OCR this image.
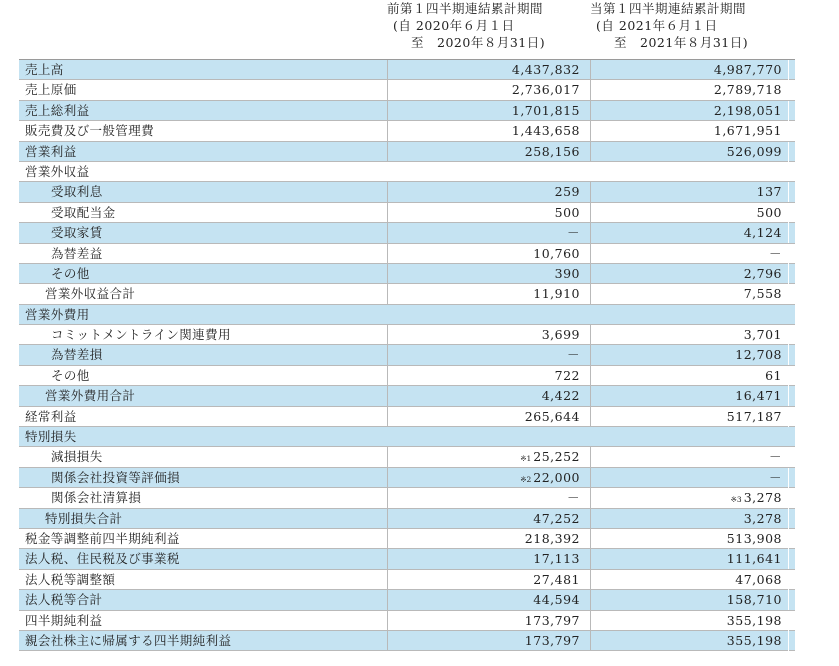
前第１四半期連結累計期間
(自 2020年６月１日
至　 2020年８月31日)
当第１四半期連結累計期間
(自 2021年６月１日
至　 2021年８月31日)
売上高	4,437,832	4,987,770
売上原価	2,736,017	2,789,718
売上総利益	1,701,815	2,198,051
販売費及び一般管理費	1,443,658	1,671,951
営業利益	258,156	526,099
営業外収益
受取利息	259	137
受取配当金	500	500
受取家賃	－	4,124
為替差益	10,760	－
その他	390	2,796
営業外収益合計	11,910	7,558
営業外費用
コミットメントライン関連費用	3,699	3,701
為替差損	－	12,708
その他	722	61
営業外費用合計	4,422	16,471
経常利益	265,644	517,187
特別損失
減損損失	※1 25,252	－
関係会社投資等評価損	※2 22,000	－
関係会社清算損	－	※3 3,278
特別損失合計	47,252	3,278
税金等調整前四半期純利益	218,392	513,908
法人税、住民税及び事業税	17,113	111,641
法人税等調整額	27,481	47,068
法人税等合計	44,594	158,710
四半期純利益	173,797	355,198
親会社株主に帰属する四半期純利益	173,797	355,198
